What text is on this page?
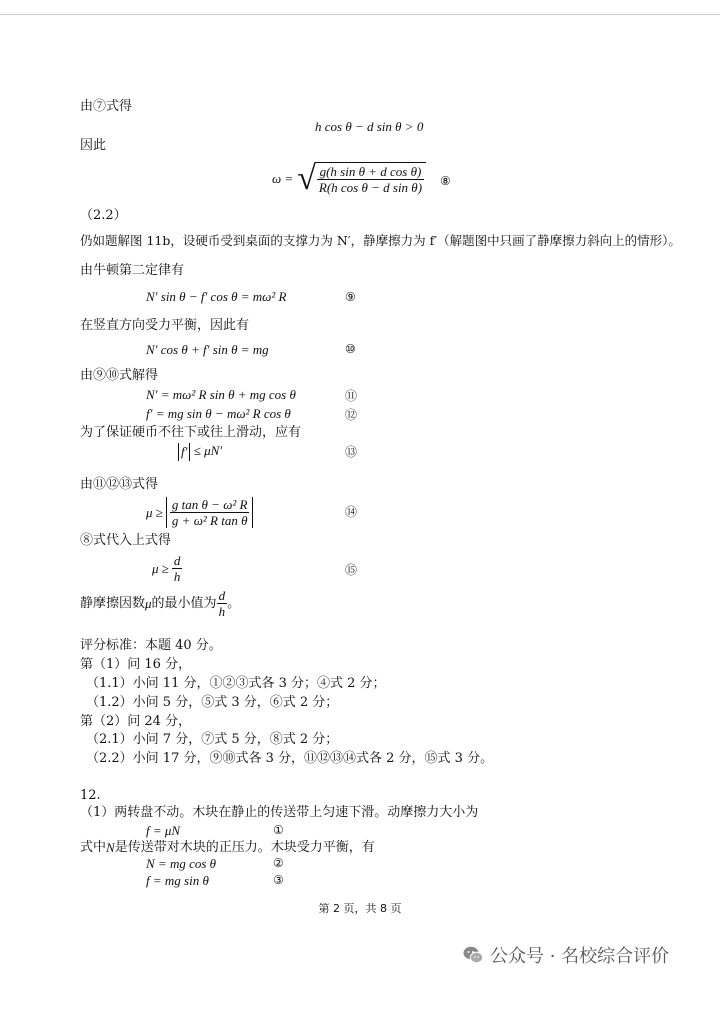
由⑦式得
h cos θ − d sin θ > 0
因此
ω = √ $\frac{\text{g(h sin θ + d cos θ)}}{\text{R(h cos θ − d sin θ)}}$ ⑧
（2.2）
仍如题解图 11b，设硬币受到桌面的支撑力为 N′，静摩擦力为 f′（解题图中只画了静摩擦力斜向上的情形）。
由牛顿第二定律有
N′ sin θ − f′ cos θ = mω² R	⑨
在竖直方向受力平衡，因此有
N′ cos θ + f′ sin θ = mg	⑩
由⑨⑩式解得
N′ = mω² R sin θ + mg cos θ	⑪
f′ = mg sin θ − mω² R cos θ	⑫
为了保证硬币不往下或往上滑动，应有
f′ ≤ μN′	⑬
由⑪⑫⑬式得
$\mu \ge \frac{\text{g tan θ − ω² R}}{\text{g + ω² R tan θ}}$	⑭
⑧式代入上式得
$\mu \ge \frac{d}{h}$	⑮
静摩擦因数 μ 的最小值为 $\frac{d}{h}$ 。
评分标准：本题 40 分。
第（1）问 16 分，
（1.1）小问 11 分，①②③式各 3 分；④式 2 分；
（1.2）小问 5 分，⑤式 3 分，⑥式 2 分；
第（2）问 24 分，
（2.1）小问 7 分，⑦式 5 分，⑧式 2 分；
（2.2）小问 17 分，⑨⑩式各 3 分，⑪⑫⑬⑭式各 2 分，⑮式 3 分。
12.
（1）两转盘不动。木块在静止的传送带上匀速下滑。动摩擦力大小为
f = μN	①
式中 N 是传送带对木块的正压力。木块受力平衡，有
N = mg cos θ	②
f = mg sin θ	③
第 2 页，共 8 页
公众号 · 名校综合评价
